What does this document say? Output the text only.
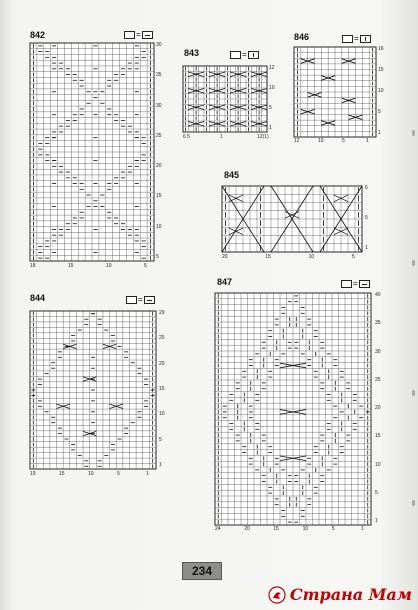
842	=
30
35
30
25
20
15
10
5
18	15	10	5
843	=
12
10
5
1
6 5	1	12(1)
846	=
16
15
10
5
1
12	10	5	1
845
6
5
1
20	15	10	5
844	=
29
25
20
15
10
5
1
19	15	10	5	1
847	=
40
35
30
25
20
15
10
5
1
24	20	15	10	5	1
234
Страна Мам
